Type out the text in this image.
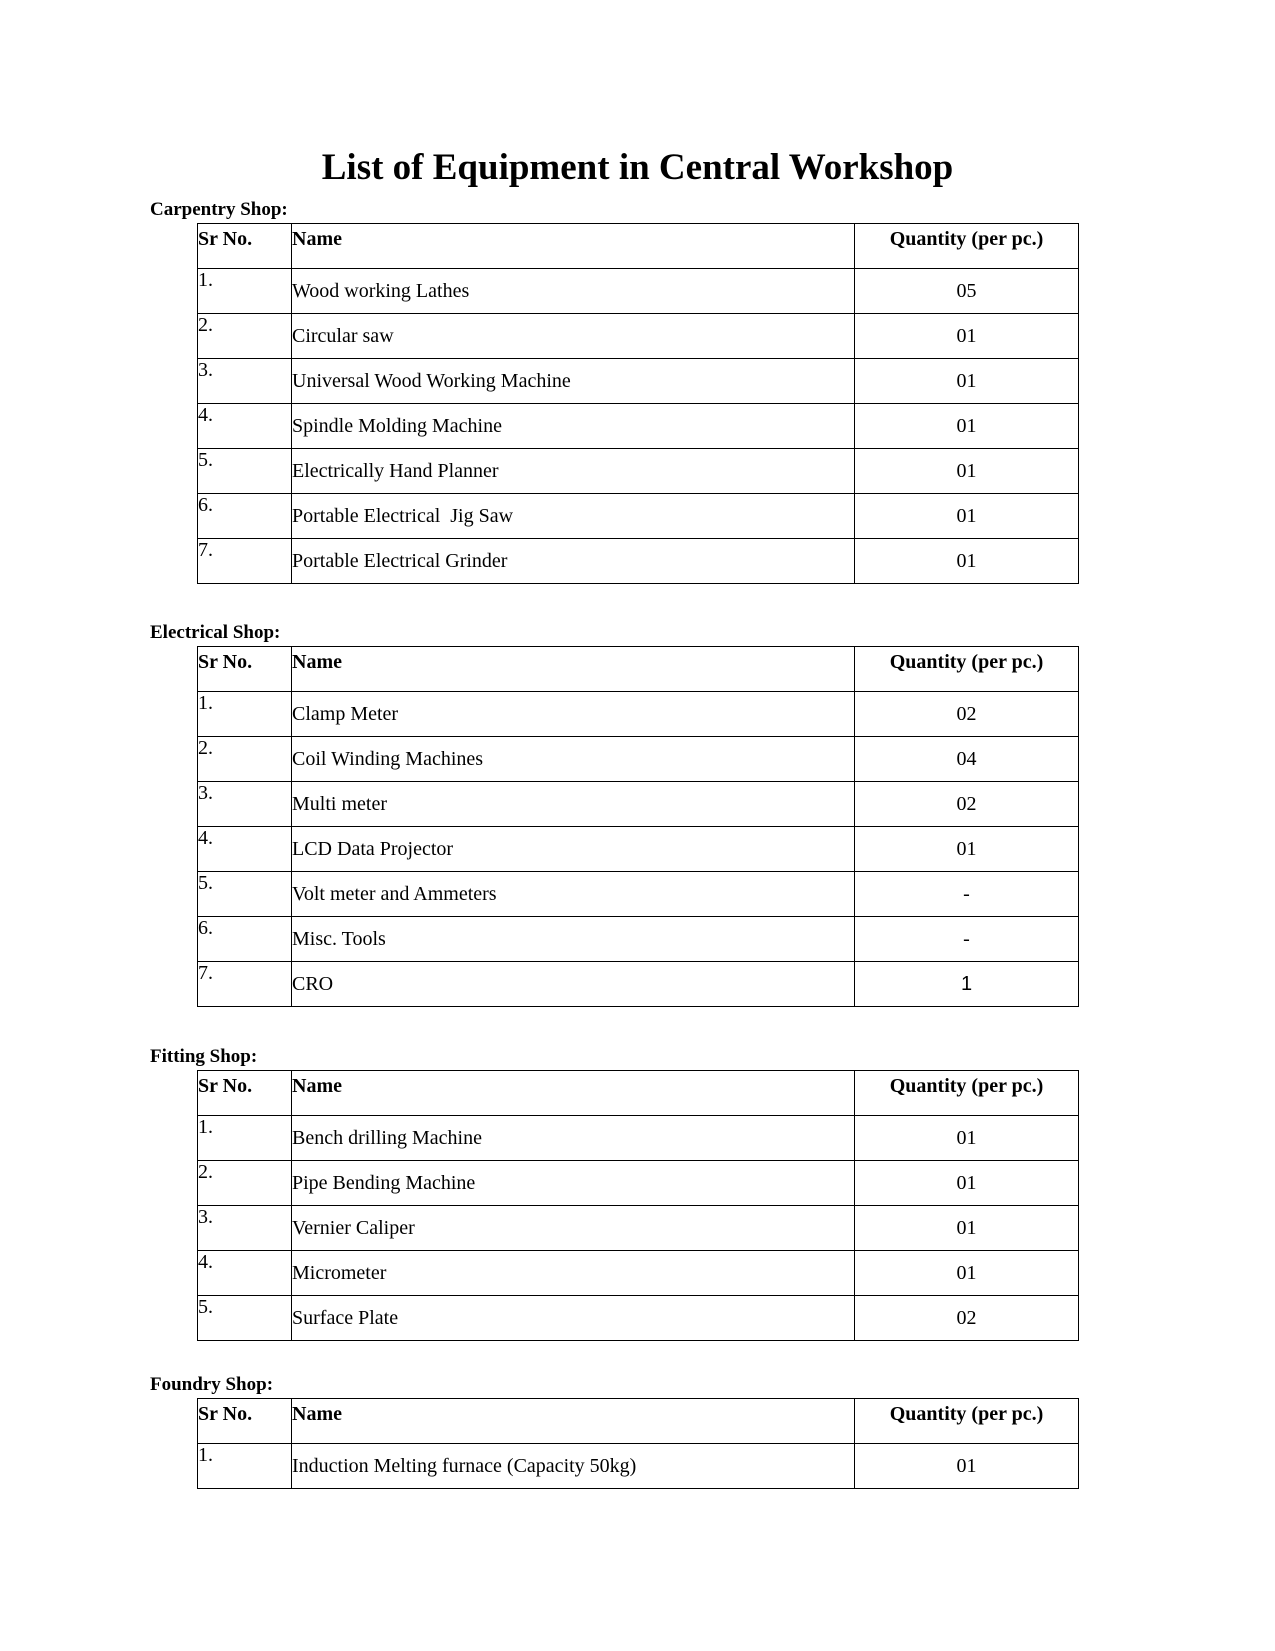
List of Equipment in Central Workshop
Carpentry Shop:
Sr No.	Name	Quantity (per pc.)
1.	Wood working Lathes	05
2.	Circular saw	01
3.	Universal Wood Working Machine	01
4.	Spindle Molding Machine	01
5.	Electrically Hand Planner	01
6.	Portable Electrical  Jig Saw	01
7.	Portable Electrical Grinder	01
Electrical Shop:
Sr No.	Name	Quantity (per pc.)
1.	Clamp Meter	02
2.	Coil Winding Machines	04
3.	Multi meter	02
4.	LCD Data Projector	01
5.	Volt meter and Ammeters	-
6.	Misc. Tools	-
7.	CRO	1
Fitting Shop:
Sr No.	Name	Quantity (per pc.)
1.	Bench drilling Machine	01
2.	Pipe Bending Machine	01
3.	Vernier Caliper	01
4.	Micrometer	01
5.	Surface Plate	02
Foundry Shop:
Sr No.	Name	Quantity (per pc.)
1.	Induction Melting furnace (Capacity 50kg)	01
